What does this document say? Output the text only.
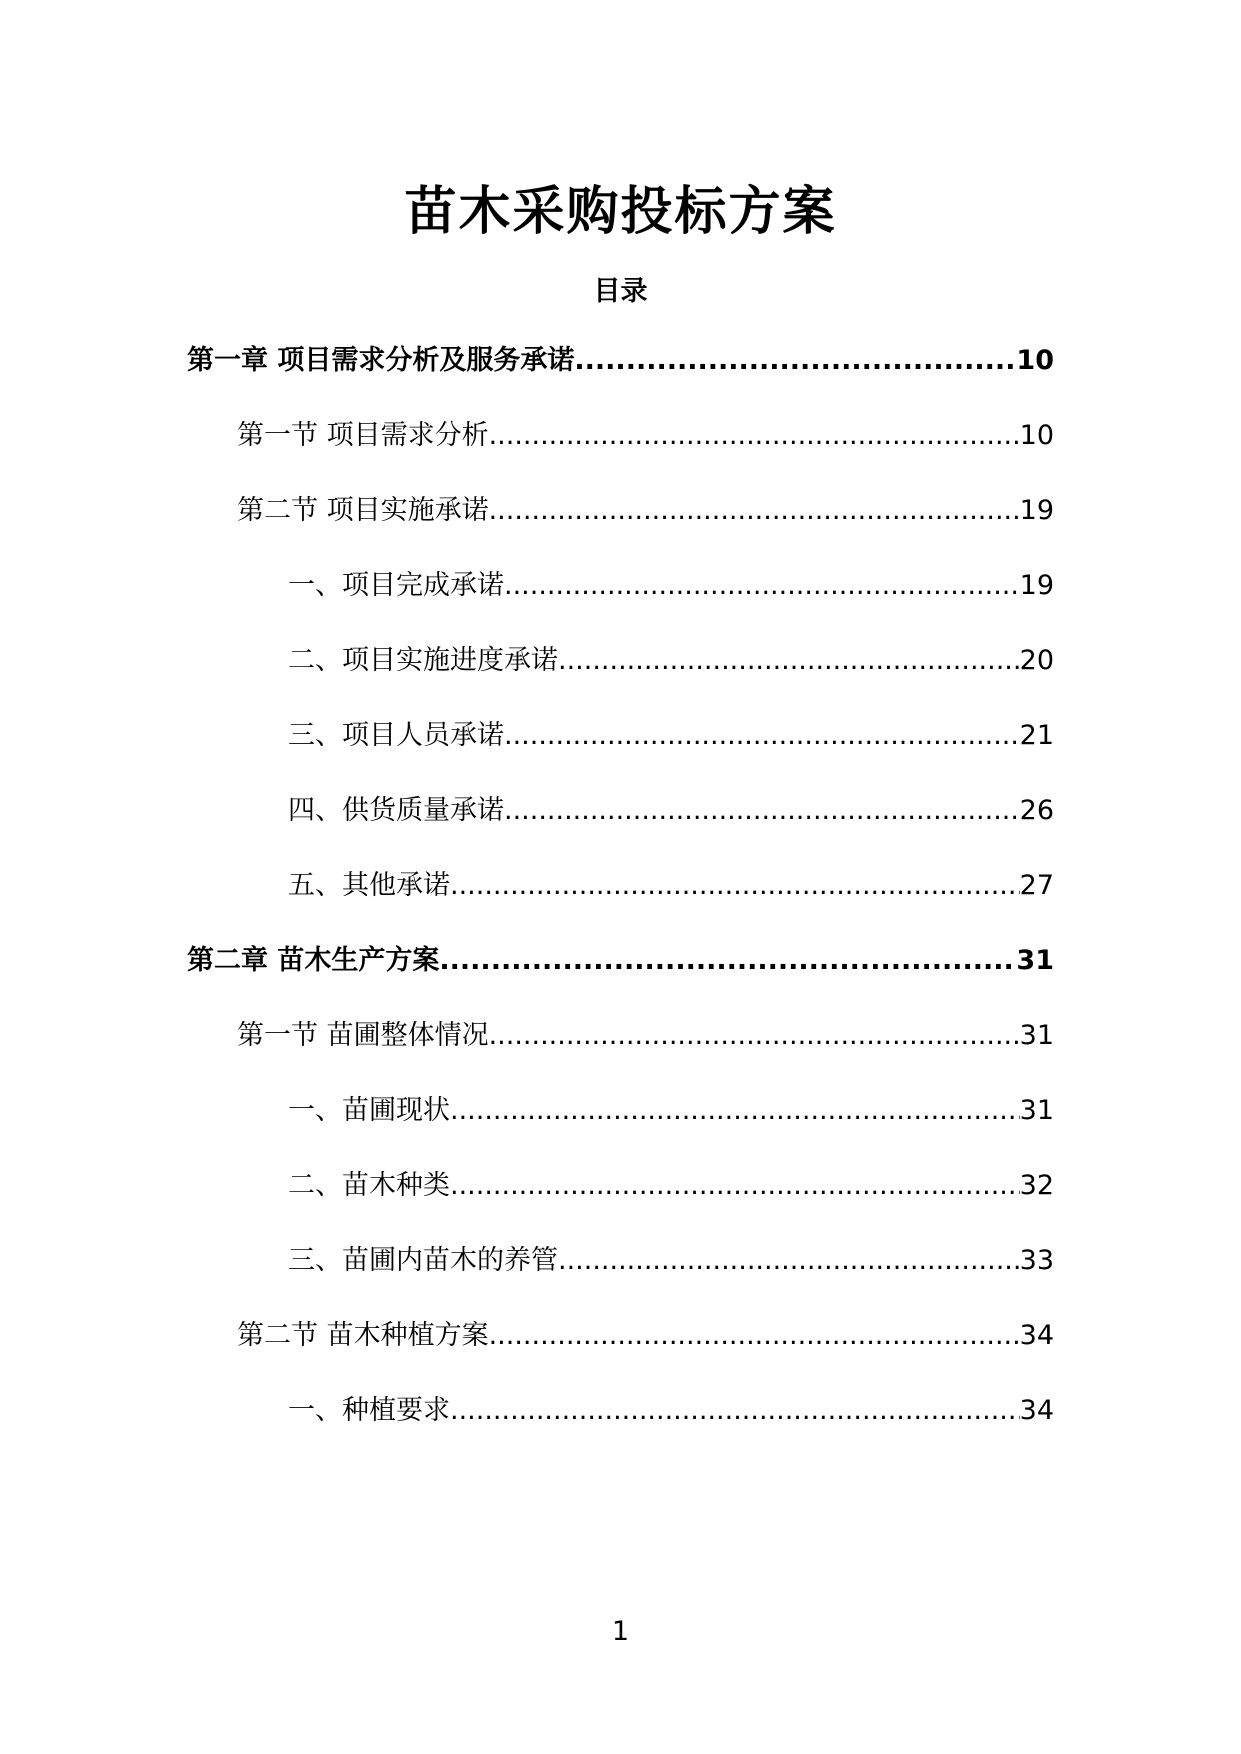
苗木采购投标方案
目录
第一章 项目需求分析及服务承诺 .....	10
第一节 项目需求分析 .....	10
第二节 项目实施承诺 .....	19
一、项目完成承诺 .....	19
二、项目实施进度承诺 .....	20
三、项目人员承诺 .....	21
四、供货质量承诺 .....	26
五、其他承诺 .....	27
第二章 苗木生产方案 .....	31
第一节 苗圃整体情况 .....	31
一、苗圃现状 .....	31
二、苗木种类 .....	32
三、苗圃内苗木的养管 .....	33
第二节 苗木种植方案 .....	34
一、种植要求 .....	34
1
